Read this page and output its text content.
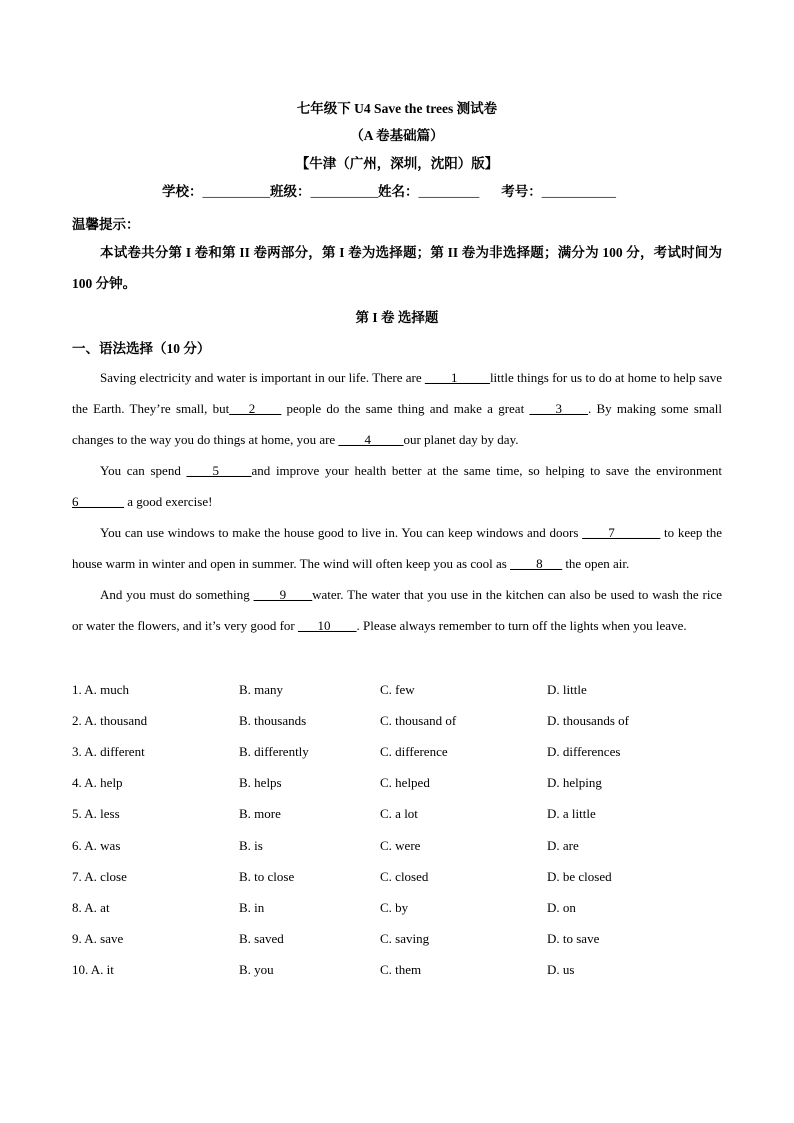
七年级下 U4 Save the trees 测试卷
（A 卷基础篇）
【牛津（广州，深圳，沈阳）版】
学校：__________班级：__________姓名：_________ 考号：___________
温馨提示：
本试卷共分第 I 卷和第 II 卷两部分，第 I 卷为选择题；第 II 卷为非选择题；满分为 100 分，考试时间为 100 分钟。
第 I 卷 选择题
一、语法选择（10 分）

Saving electricity and water is important in our life. There are ____1_____little things for us to do at home to help save the Earth. They’re small, but___2____ people do the same thing and make a great ____3____. By making some small changes to the way you do things at home, you are ____4_____our planet day by day.

You can spend ____5_____and improve your health better at the same time, so helping to save the environment 6_______ a good exercise!

You can use windows to make the house good to live in. You can keep windows and doors ____7_______ to keep the house warm in winter and open in summer. The wind will often keep you as cool as ____8___ the open air.

And you must do something ____9____water. The water that you use in the kitchen can also be used to wash the rice or water the flowers, and it’s very good for ___10____. Please always remember to turn off the lights when you leave.

1. A. much	B. many	C. few	D. little
2. A. thousand	B. thousands	C. thousand of	D. thousands of
3. A. different	B. differently	C. difference	D. differences
4. A. help	B. helps	C. helped	D. helping
5. A. less	B. more	C. a lot	D. a little
6. A. was	B. is	C. were	D. are
7. A. close	B. to close	C. closed	D. be closed
8. A. at	B. in	C. by	D. on
9. A. save	B. saved	C. saving	D. to save
10. A. it	B. you	C. them	D. us
